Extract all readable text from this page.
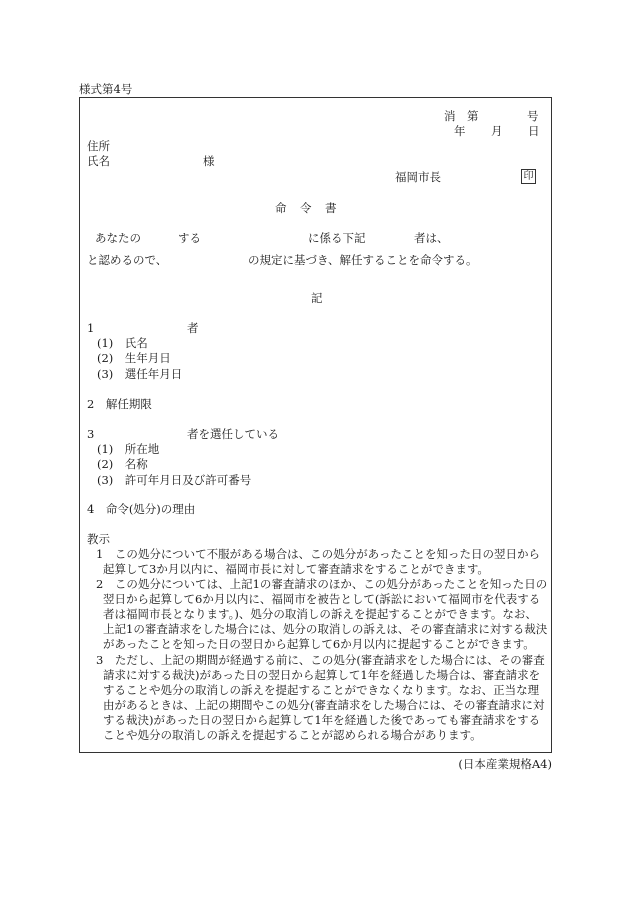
様式第4号
消 第	号
年 月 日
住所
氏名	様
福岡市長	印
命　令　書
あなたの	する	に係る下記	者は、
と認めるので、	の規定に基づき、解任することを命令する。
記
1	者
(1)　氏名
(2)　生年月日
(3)　選任年月日
2　解任期限
3	者を選任している
(1)　所在地
(2)　名称
(3)　許可年月日及び許可番号
4　命令(処分)の理由
教示
1　この処分について不服がある場合は、この処分があったことを知った日の翌日から
起算して3か月以内に、福岡市長に対して審査請求をすることができます。
2　この処分については、上記1の審査請求のほか、この処分があったことを知った日の
翌日から起算して6か月以内に、福岡市を被告として(訴訟において福岡市を代表する
者は福岡市長となります。)、処分の取消しの訴えを提起することができます。なお、
上記1の審査請求をした場合には、処分の取消しの訴えは、その審査請求に対する裁決
があったことを知った日の翌日から起算して6か月以内に提起することができます。
3　ただし、上記の期間が経過する前に、この処分(審査請求をした場合には、その審査
請求に対する裁決)があった日の翌日から起算して1年を経過した場合は、審査請求を
することや処分の取消しの訴えを提起することができなくなります。なお、正当な理
由があるときは、上記の期間やこの処分(審査請求をした場合には、その審査請求に対
する裁決)があった日の翌日から起算して1年を経過した後であっても審査請求をする
ことや処分の取消しの訴えを提起することが認められる場合があります。
(日本産業規格A4)
